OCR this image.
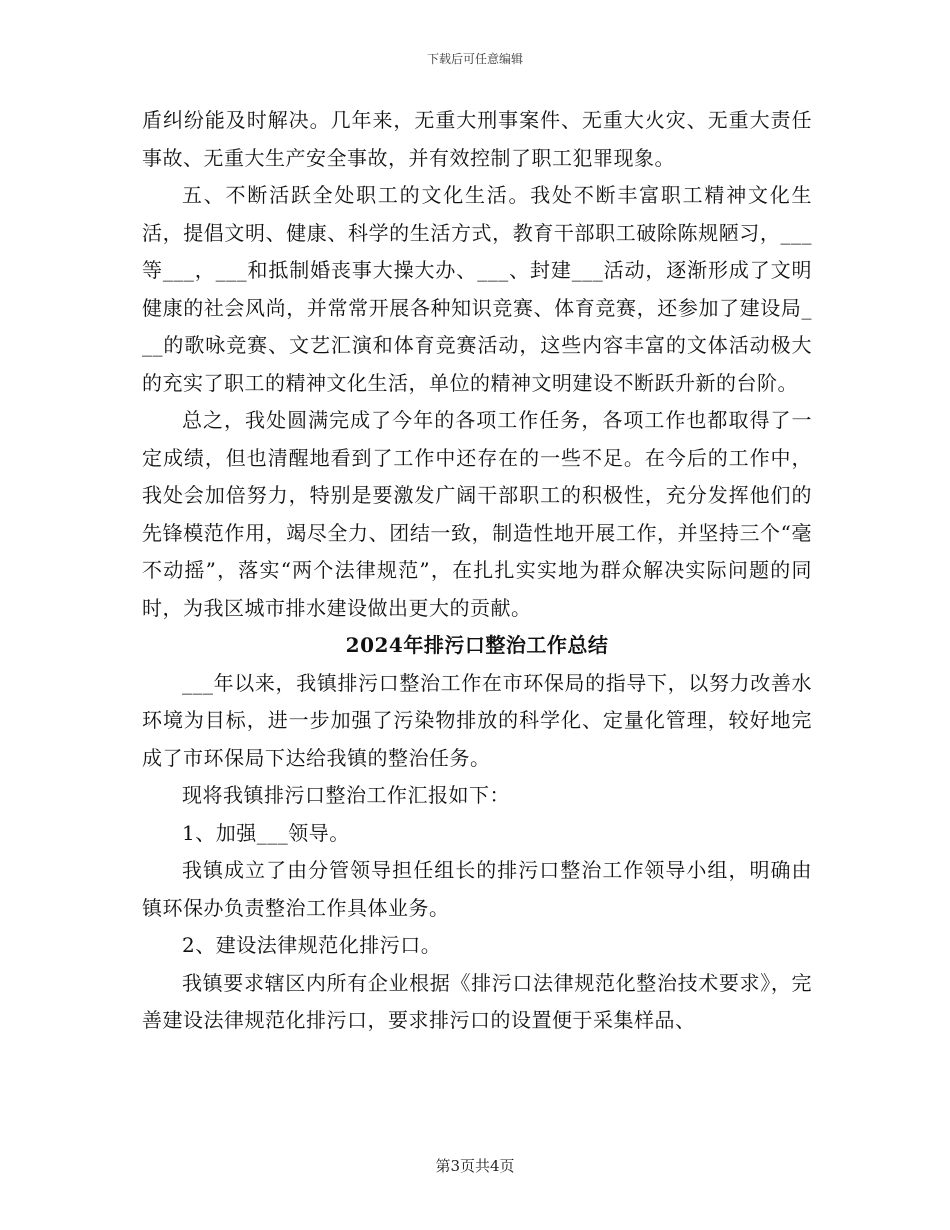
下载后可任意编辑

盾纠纷能及时解决。几年来，无重大刑事案件、无重大火灾、无重大责任事故、无重大生产安全事故，并有效控制了职工犯罪现象。

五、不断活跃全处职工的文化生活。我处不断丰富职工精神文化生活，提倡文明、健康、科学的生活方式，教育干部职工破除陈规陋习，___等___，___和抵制婚丧事大操大办、___、封建___活动，逐渐形成了文明健康的社会风尚，并常常开展各种知识竞赛、体育竞赛，还参加了建设局___的歌咏竞赛、文艺汇演和体育竞赛活动，这些内容丰富的文体活动极大的充实了职工的精神文化生活，单位的精神文明建设不断跃升新的台阶。

总之，我处圆满完成了今年的各项工作任务，各项工作也都取得了一定成绩，但也清醒地看到了工作中还存在的一些不足。在今后的工作中，我处会加倍努力，特别是要激发广阔干部职工的积极性，充分发挥他们的先锋模范作用，竭尽全力、团结一致，制造性地开展工作，并坚持三个“毫不动摇”，落实“两个法律规范”，在扎扎实实地为群众解决实际问题的同时，为我区城市排水建设做出更大的贡献。

2024年排污口整治工作总结

___年以来，我镇排污口整治工作在市环保局的指导下，以努力改善水环境为目标，进一步加强了污染物排放的科学化、定量化管理，较好地完成了市环保局下达给我镇的整治任务。

现将我镇排污口整治工作汇报如下：

1、加强___领导。

我镇成立了由分管领导担任组长的排污口整治工作领导小组，明确由镇环保办负责整治工作具体业务。

2、建设法律规范化排污口。

我镇要求辖区内所有企业根据《排污口法律规范化整治技术要求》，完善建设法律规范化排污口，要求排污口的设置便于采集样品、

第3页共4页
